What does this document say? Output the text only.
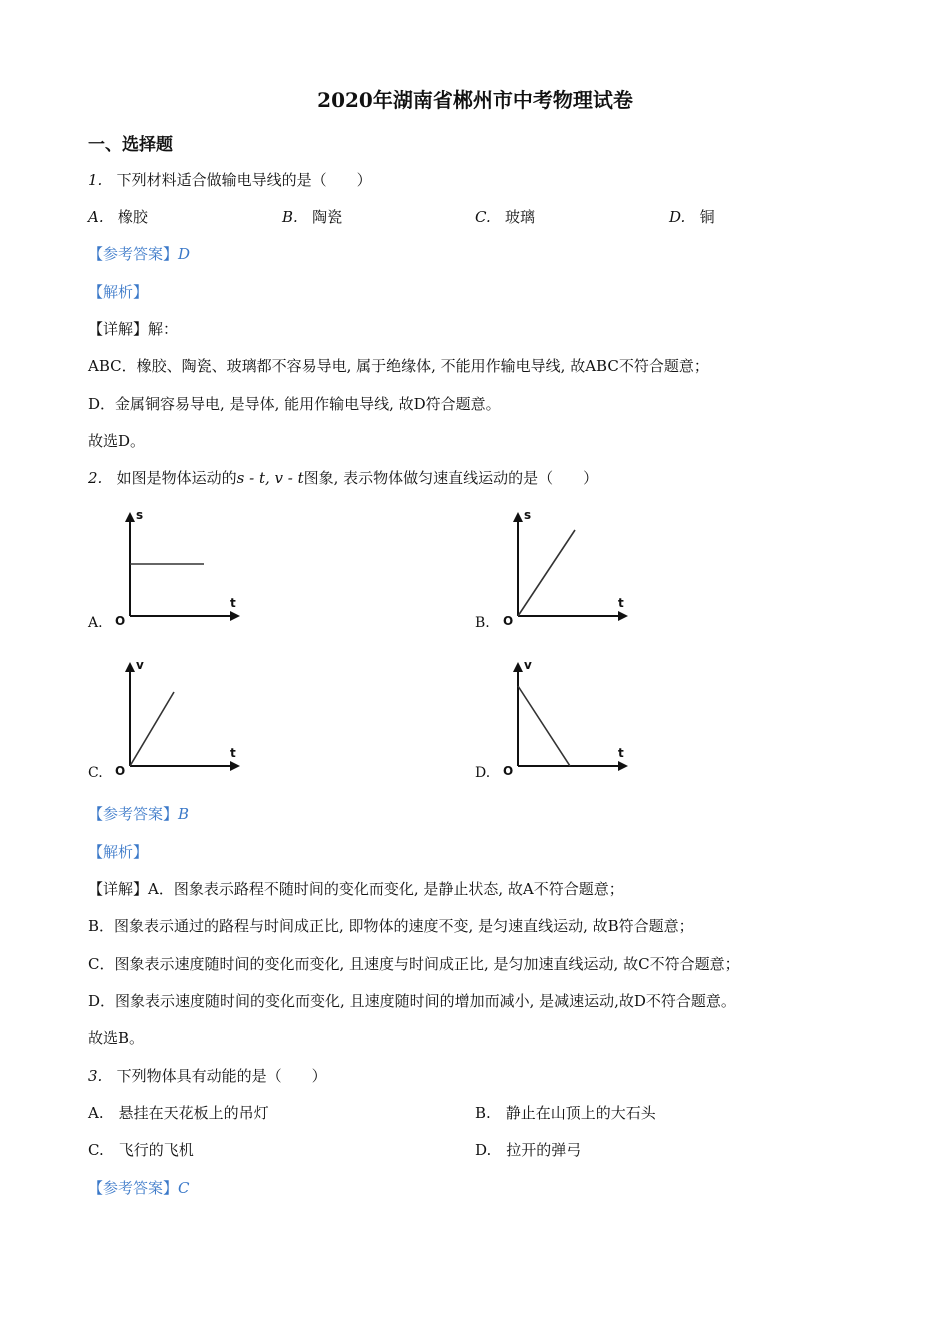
2020年湖南省郴州市中考物理试卷
一、选择题
1. 下列材料适合做输电导线的是（　　）
A. 橡胶	B. 陶瓷	C. 玻璃	D. 铜
【参考答案】D
【解析】
【详解】解：
ABC．橡胶、陶瓷、玻璃都不容易导电, 属于绝缘体, 不能用作输电导线, 故ABC不符合题意；
D．金属铜容易导电, 是导体, 能用作输电导线, 故D符合题意。
故选D。
2. 如图是物体运动的s - t, v - t图象, 表示物体做匀速直线运动的是（　　）
s
t
O
A.
s
t
O
B.
v
t
O
C.
v
t
O
D.
【参考答案】B
【解析】
【详解】A．图象表示路程不随时间的变化而变化, 是静止状态, 故A不符合题意；
B．图象表示通过的路程与时间成正比, 即物体的速度不变, 是匀速直线运动, 故B符合题意；
C．图象表示速度随时间的变化而变化, 且速度与时间成正比, 是匀加速直线运动, 故C不符合题意；
D．图象表示速度随时间的变化而变化, 且速度随时间的增加而减小, 是减速运动,故D不符合题意。
故选B。
3. 下列物体具有动能的是（　　）
A.　悬挂在天花板上的吊灯	B.　静止在山顶上的大石头
C.　飞行的飞机	D.　拉开的弹弓
【参考答案】C
